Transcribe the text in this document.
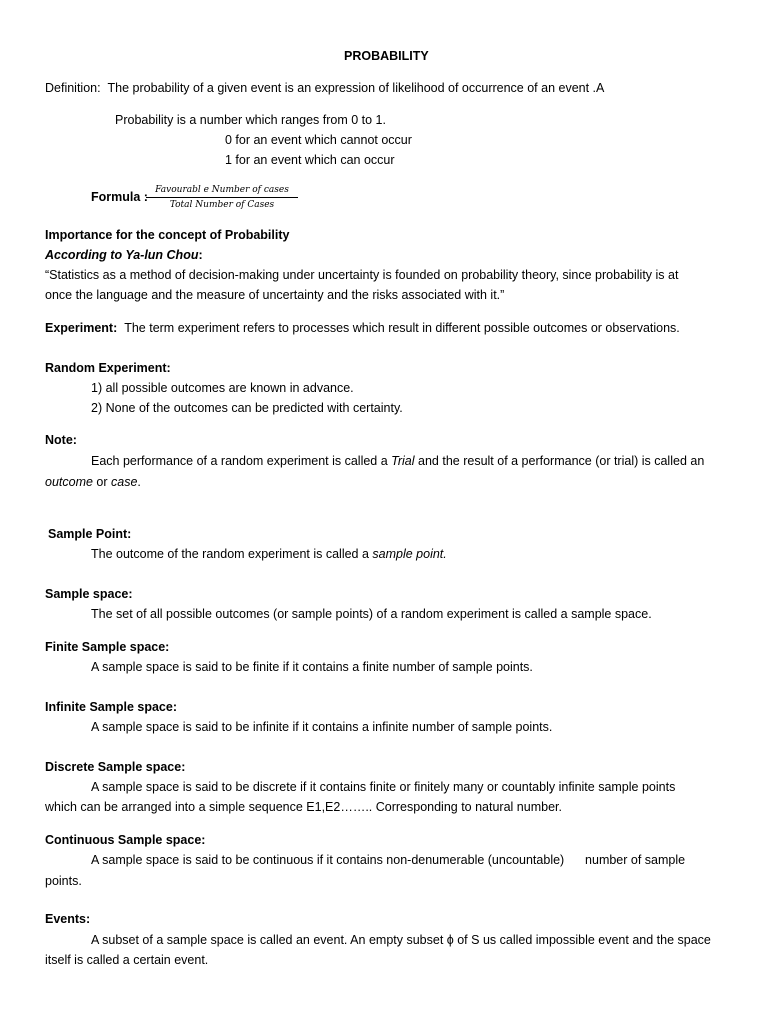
PROBABILITY
Definition: The probability of a given event is an expression of likelihood of occurrence of an event .A
Probability is a number which ranges from 0 to 1.
0 for an event which cannot occur
1 for an event which can occur
Formula : Favourabl e Number of cases
Total Number of Cases
Importance for the concept of Probability
According to Ya-lun Chou:
“Statistics as a method of decision-making under uncertainty is founded on probability theory, since probability is at
once the language and the measure of uncertainty and the risks associated with it.”
Experiment: The term experiment refers to processes which result in different possible outcomes or observations.
Random Experiment:
1) all possible outcomes are known in advance.
2) None of the outcomes can be predicted with certainty.
Note:
Each performance of a random experiment is called a Trial and the result of a performance (or trial) is called an
outcome or case.
Sample Point:
The outcome of the random experiment is called a sample point.
Sample space:
The set of all possible outcomes (or sample points) of a random experiment is called a sample space.
Finite Sample space:
A sample space is said to be finite if it contains a finite number of sample points.
Infinite Sample space:
A sample space is said to be infinite if it contains a infinite number of sample points.
Discrete Sample space:
A sample space is said to be discrete if it contains finite or finitely many or countably infinite sample points
which can be arranged into a simple sequence E1,E2…….. Corresponding to natural number.
Continuous Sample space:
A sample space is said to be continuous if it contains non-denumerable (uncountable)      number of sample
points.
Events:
A subset of a sample space is called an event. An empty subset ϕ of S us called impossible event and the space
itself is called a certain event.
